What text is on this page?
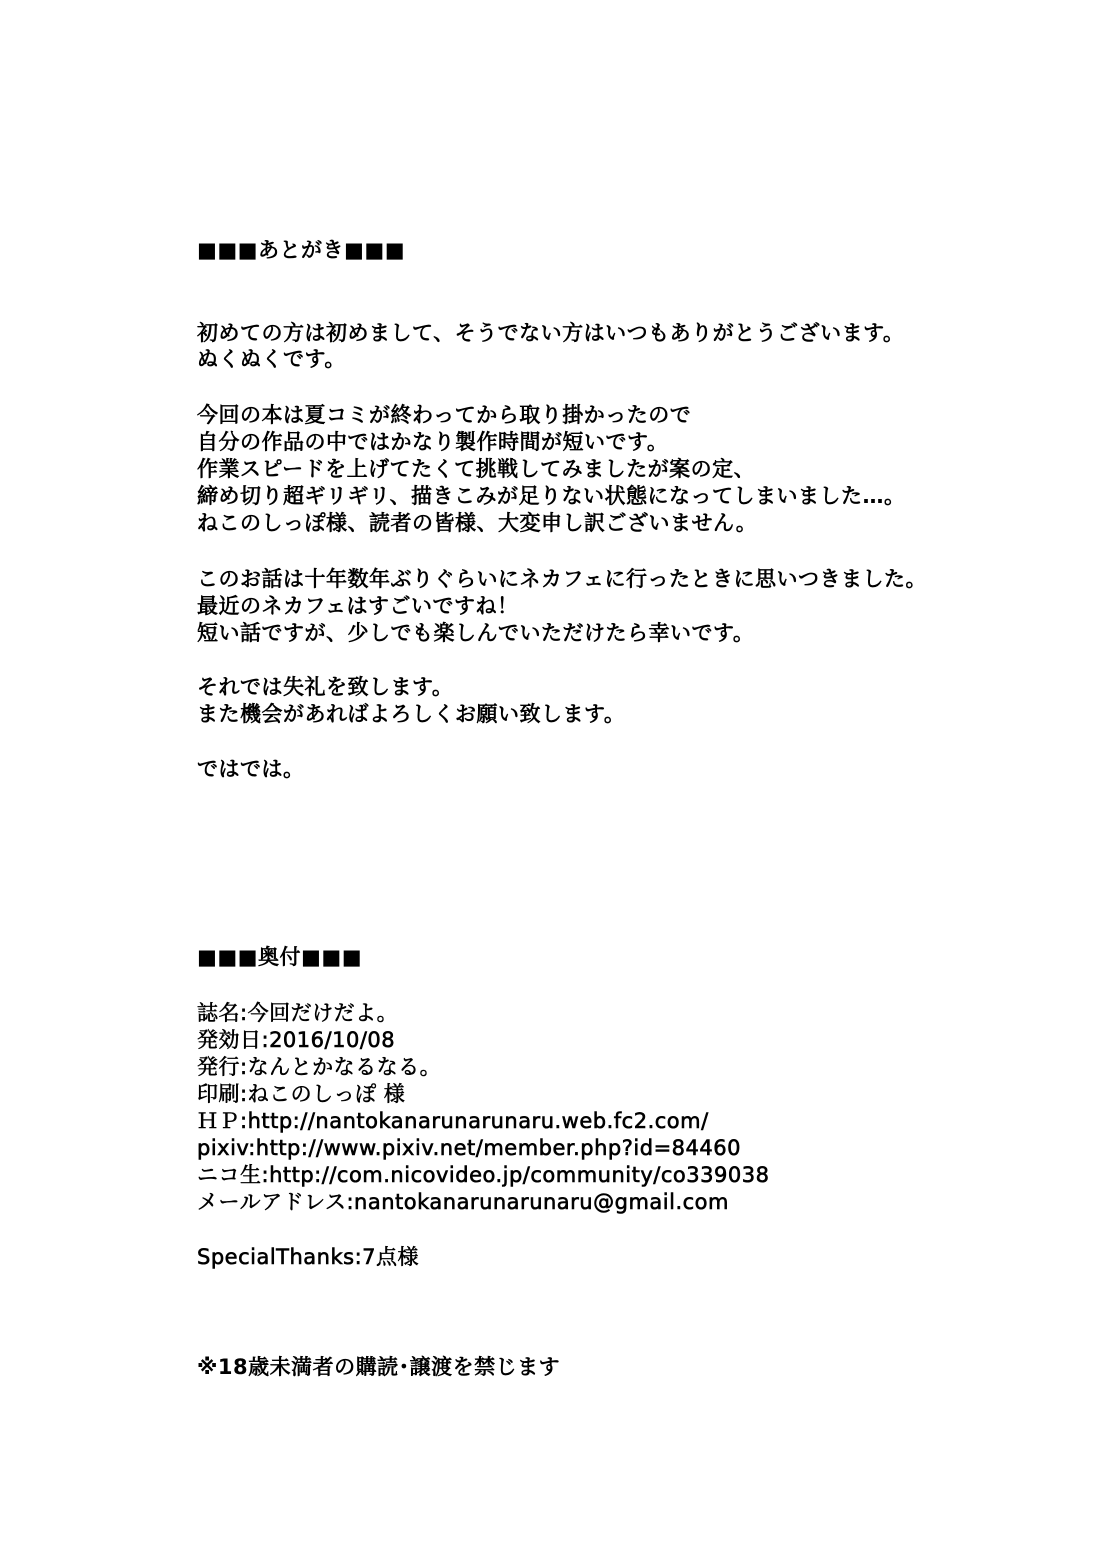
■■■あとがき■■■
初めての方は初めまして、そうでない方はいつもありがとうございます。
ぬくぬくです。
今回の本は夏コミが終わってから取り掛かったので
自分の作品の中ではかなり製作時間が短いです。
作業スピードを上げてたくて挑戦してみましたが案の定、
締め切り超ギリギリ、描きこみが足りない状態になってしまいました…。
ねこのしっぽ様、読者の皆様、大変申し訳ございません。
このお話は十年数年ぶりぐらいにネカフェに行ったときに思いつきました。
最近のネカフェはすごいですね！
短い話ですが、少しでも楽しんでいただけたら幸いです。
それでは失礼を致します。
また機会があればよろしくお願い致します。
ではでは。
■■■奥付■■■
誌名:今回だけだよ。
発効日:2016/10/08
発行:なんとかなるなる。
印刷:ねこのしっぽ 様
ＨＰ:http://nantokanarunarunaru.web.fc2.com/
pixiv:http://www.pixiv.net/member.php?id=84460
ニコ生:http://com.nicovideo.jp/community/co339038
メールアドレス:nantokanarunarunaru@gmail.com
SpecialThanks:7点様
※18歳未満者の購読･譲渡を禁じます
